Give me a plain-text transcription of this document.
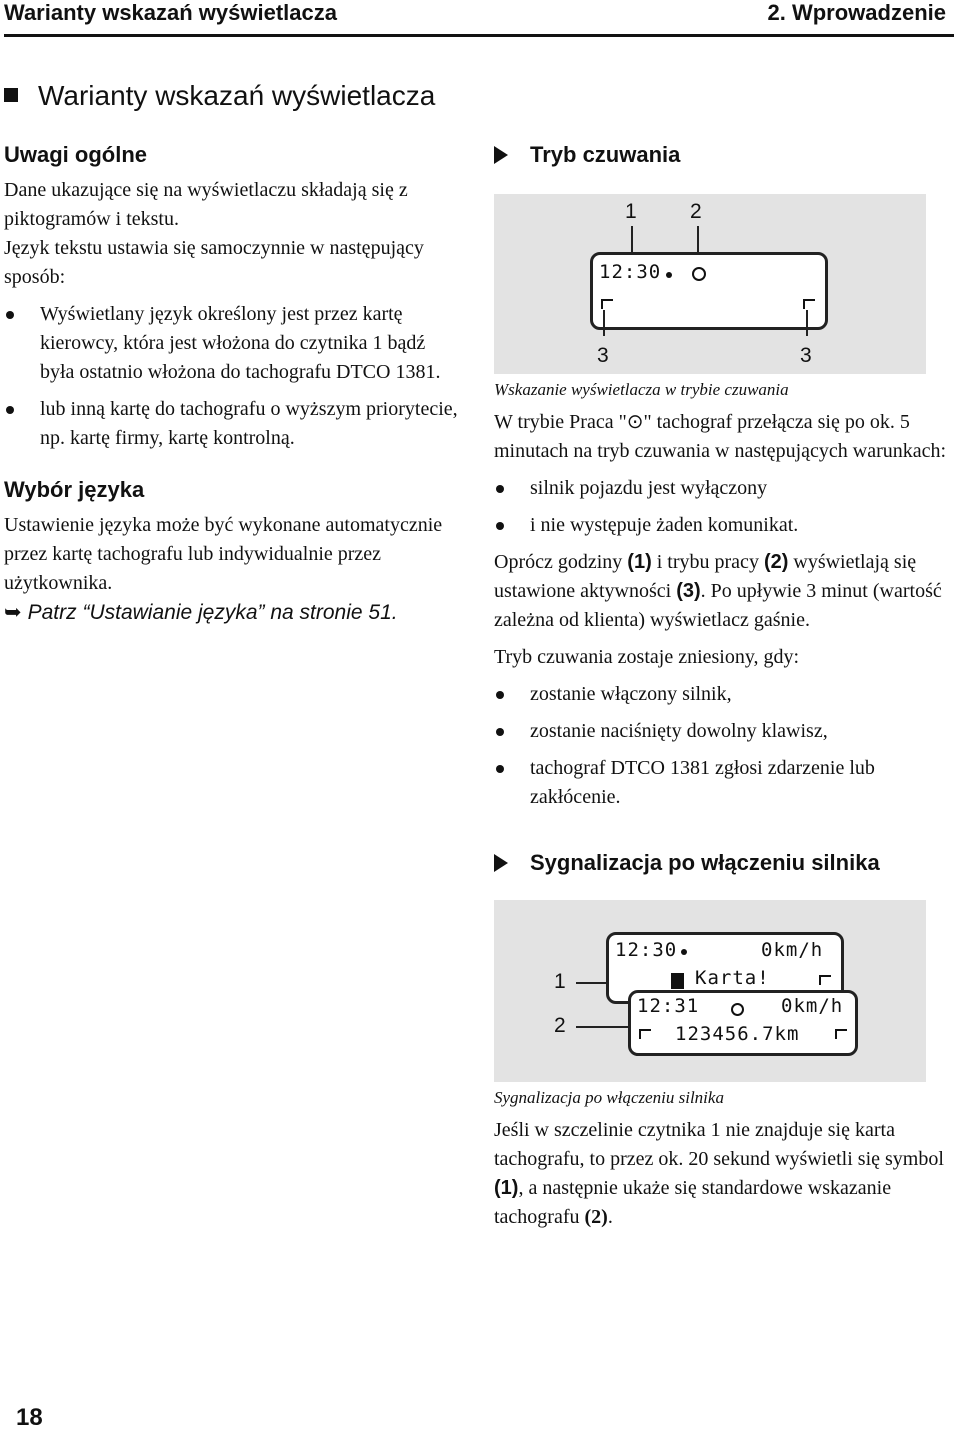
Warianty wskazań wyświetlacza	2. Wprowadzenie
Warianty wskazań wyświetlacza
Uwagi ogólne

Dane ukazujące się na wyświetlaczu składają się z piktogramów i tekstu.

Język tekstu ustawia się samoczynnie w następujący sposób:

Wyświetlany język określony jest przez kartę kierowcy, która jest włożona do czytnika 1 bądź była ostatnio włożona do tachografu DTCO 1381.
lub inną kartę do tachografu o wyższym priorytecie, np. kartę firmy, kartę kontrolną.
Wybór języka

Ustawienie języka może być wykonane automatycznie przez kartę tachografu lub indywidualnie przez użytkownika.

➥ Patrz “Ustawianie języka” na stronie 51.
Tryb czuwania
1	2
12:30
3	3
Wskazanie wyświetlacza w trybie czuwania

W trybie Praca "⊙" tachograf przełącza się po ok. 5 minutach na tryb czuwania w następujących warunkach:

silnik pojazdu jest wyłączony
i nie występuje żaden komunikat.

Oprócz godziny (1) i trybu pracy (2) wyświetlają się ustawione aktywności (3). Po upływie 3 minut (wartość zależna od klienta) wyświetlacz gaśnie.

Tryb czuwania zostaje zniesiony, gdy:

zostanie włączony silnik,
zostanie naciśnięty dowolny klawisz,
tachograf DTCO 1381 zgłosi zdarzenie lub zakłócenie.
Sygnalizacja po włączeniu silnika
1
2
12:30	0km/h
Karta!
12:31	0km/h
123456.7km
Sygnalizacja po włączeniu silnika

Jeśli w szczelinie czytnika 1 nie znajduje się karta tachografu, to przez ok. 20 sekund wyświetli się symbol (1), a następnie ukaże się standardowe wskazanie tachografu (2).

18
